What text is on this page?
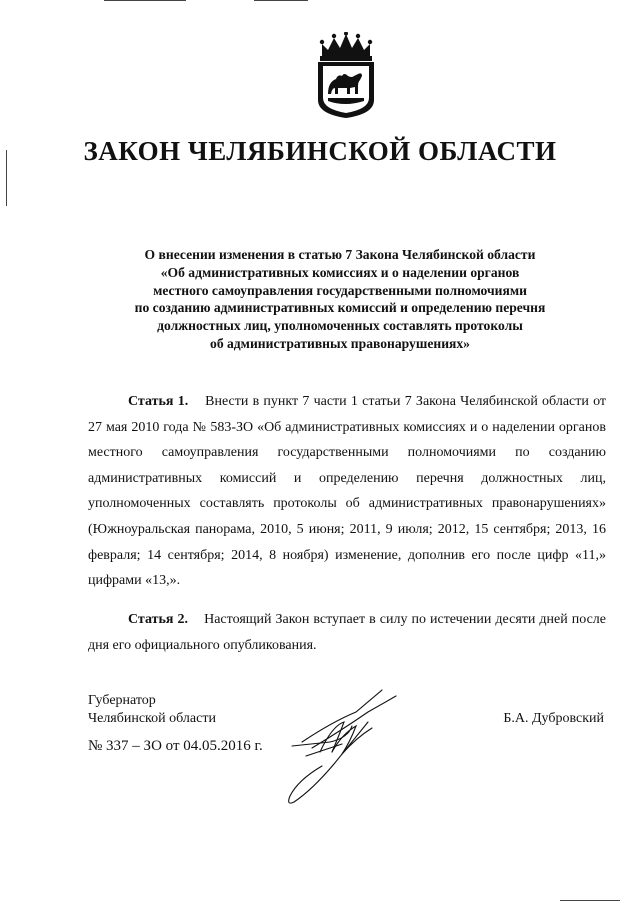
ЗАКОН ЧЕЛЯБИНСКОЙ ОБЛАСТИ
О внесении изменения в статью 7 Закона Челябинской области
«Об административных комиссиях и о наделении органов
местного самоуправления государственными полномочиями
по созданию административных комиссий и определению перечня
должностных лиц, уполномоченных составлять протоколы
об административных правонарушениях»
Статья 1. Внести в пункт 7 части 1 статьи 7 Закона Челябинской области от 27 мая 2010 года № 583-ЗО «Об административных комиссиях и о наделении органов местного самоуправления государственными полномочиями по созданию административных комиссий и определению перечня должностных лиц, уполномоченных составлять протоколы об административных правонарушениях» (Южноуральская панорама, 2010, 5 июня; 2011, 9 июля; 2012, 15 сентября; 2013, 16 февраля; 14 сентября; 2014, 8 ноября) изменение, дополнив его после цифр «11,» цифрами «13,».
Статья 2. Настоящий Закон вступает в силу по истечении десяти дней после дня его официального опубликования.
Губернатор
Челябинской области	Б.А. Дубровский
№ 337 – ЗО от 04.05.2016 г.
